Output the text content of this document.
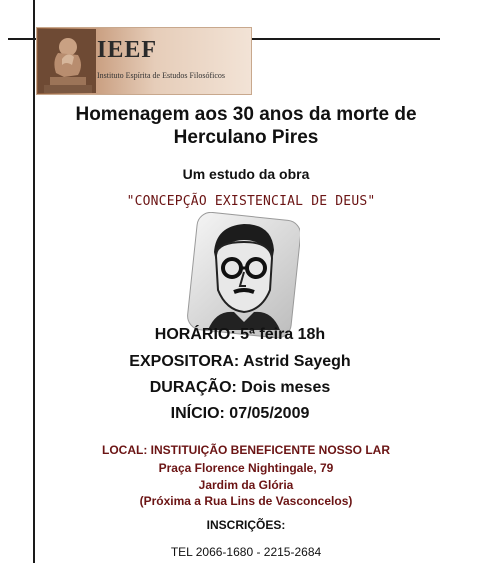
IEEF
Instituto Espírita de Estudos Filosóficos
Homenagem aos 30 anos da morte de
Herculano Pires
Um estudo da obra
"CONCEPÇÃO EXISTENCIAL DE DEUS"
HORÁRIO: 5ª feira 18h
EXPOSITORA: Astrid Sayegh
DURAÇÃO: Dois meses
INÍCIO: 07/05/2009
LOCAL: INSTITUIÇÃO BENEFICENTE NOSSO LAR
Praça Florence Nightingale, 79
Jardim da Glória
(Próxima a Rua Lins de Vasconcelos)
INSCRIÇÕES:
TEL 2066-1680 - 2215-2684
